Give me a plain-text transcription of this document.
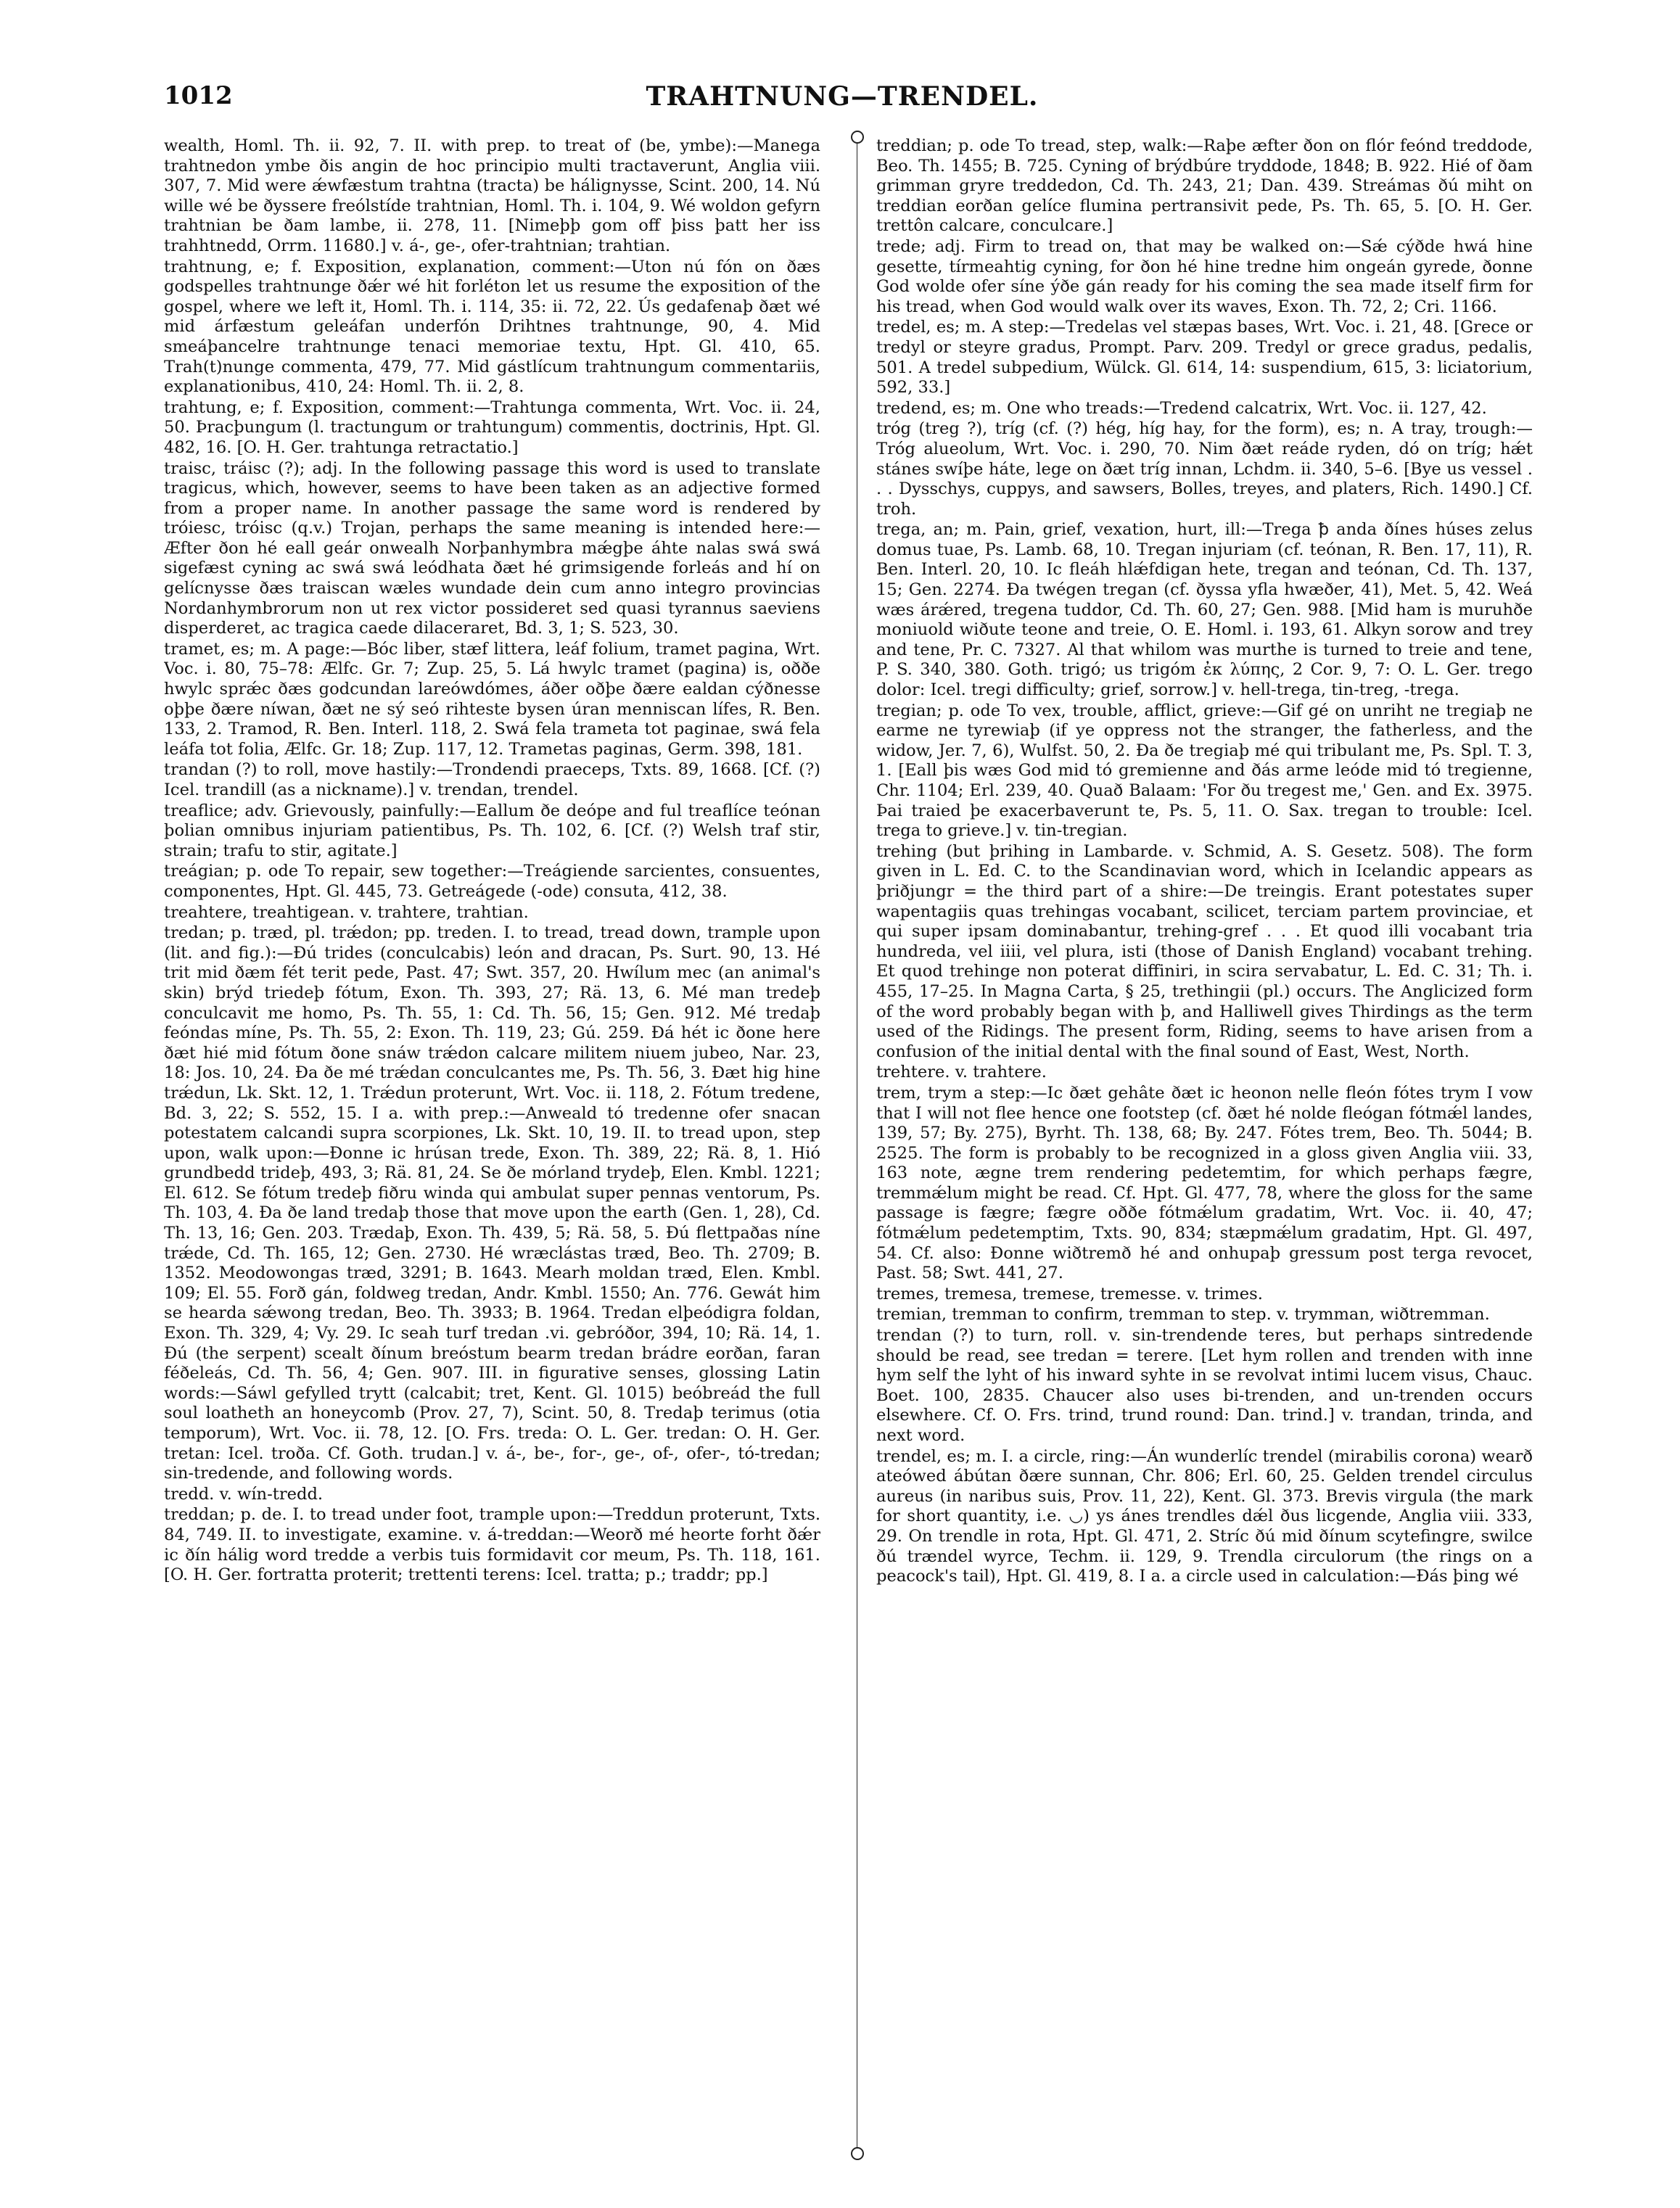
1012	TRAHTNUNG—TRENDEL.

wealth, Homl. Th. ii. 92, 7. II. with prep. to treat of (be, ymbe):—Manega trahtnedon ymbe ðis angin de hoc principio multi tractaverunt, Anglia viii. 307, 7. Mid were ǽwfæstum trahtna (tracta) be hálignysse, Scint. 200, 14. Nú wille wé be ðyssere freólstíde trahtnian, Homl. Th. i. 104, 9. Wé woldon gefyrn trahtnian be ðam lambe, ii. 278, 11. [Nimeþþ gom off þiss þatt her iss trahhtnedd, Orrm. 11680.] v. á-, ge-, ofer-trahtnian; trahtian.

trahtnung, e; f. Exposition, explanation, comment:—Uton nú fón on ðæs godspelles trahtnunge ðǽr wé hit forléton let us resume the exposition of the gospel, where we left it, Homl. Th. i. 114, 35: ii. 72, 22. Ús gedafenaþ ðæt wé mid árfæstum geleáfan underfón Drihtnes trahtnunge, 90, 4. Mid smeáþancelre trahtnunge tenaci memoriae textu, Hpt. Gl. 410, 65. Trah(t)nunge commenta, 479, 77. Mid gástlícum trahtnungum commentariis, explanationibus, 410, 24: Homl. Th. ii. 2, 8.

trahtung, e; f. Exposition, comment:—Trahtunga commenta, Wrt. Voc. ii. 24, 50. Þracþungum (l. tractungum or trahtungum) commentis, doctrinis, Hpt. Gl. 482, 16. [O. H. Ger. trahtunga retractatio.]

traisc, tráisc (?); adj. In the following passage this word is used to translate tragicus, which, however, seems to have been taken as an adjective formed from a proper name. In another passage the same word is rendered by tróiesc, tróisc (q.v.) Trojan, perhaps the same meaning is intended here:—Æfter ðon hé eall geár onwealh Norþanhymbra mǽgþe áhte nalas swá swá sigefæst cyning ac swá swá leódhata ðæt hé grimsigende forleás and hí on gelícnysse ðæs traiscan wæles wundade dein cum anno integro provincias Nordanhymbrorum non ut rex victor possideret sed quasi tyrannus saeviens disperderet, ac tragica caede dilaceraret, Bd. 3, 1; S. 523, 30.

tramet, es; m. A page:—Bóc liber, stæf littera, leáf folium, tramet pagina, Wrt. Voc. i. 80, 75–78: Ælfc. Gr. 7; Zup. 25, 5. Lá hwylc tramet (pagina) is, oððe hwylc sprǽc ðæs godcundan lareówdómes, áðer oðþe ðære ealdan cýðnesse oþþe ðære níwan, ðæt ne sý seó rihteste bysen úran menniscan lífes, R. Ben. 133, 2. Tramod, R. Ben. Interl. 118, 2. Swá fela trameta tot paginae, swá fela leáfa tot folia, Ælfc. Gr. 18; Zup. 117, 12. Trametas paginas, Germ. 398, 181.

trandan (?) to roll, move hastily:—Trondendi praeceps, Txts. 89, 1668. [Cf. (?) Icel. trandill (as a nickname).] v. trendan, trendel.

treaflice; adv. Grievously, painfully:—Eallum ðe deópe and ful treaflíce teónan þolian omnibus injuriam patientibus, Ps. Th. 102, 6. [Cf. (?) Welsh traf stir, strain; trafu to stir, agitate.]

treágian; p. ode To repair, sew together:—Treágiende sarcientes, consuentes, componentes, Hpt. Gl. 445, 73. Getreágede (-ode) consuta, 412, 38.

treahtere, treahtigean. v. trahtere, trahtian.

tredan; p. træd, pl. trǽdon; pp. treden. I. to tread, tread down, trample upon (lit. and fig.):—Ðú trides (conculcabis) león and dracan, Ps. Surt. 90, 13. Hé trit mid ðæm fét terit pede, Past. 47; Swt. 357, 20. Hwílum mec (an animal's skin) brýd triedeþ fótum, Exon. Th. 393, 27; Rä. 13, 6. Mé man tredeþ conculcavit me homo, Ps. Th. 55, 1: Cd. Th. 56, 15; Gen. 912. Mé tredaþ feóndas míne, Ps. Th. 55, 2: Exon. Th. 119, 23; Gú. 259. Ðá hét ic ðone here ðæt hié mid fótum ðone snáw trǽdon calcare militem niuem jubeo, Nar. 23, 18: Jos. 10, 24. Ða ðe mé trǽdan conculcantes me, Ps. Th. 56, 3. Ðæt hig hine trǽdun, Lk. Skt. 12, 1. Trǽdun proterunt, Wrt. Voc. ii. 118, 2. Fótum tredene, Bd. 3, 22; S. 552, 15. I a. with prep.:—Anweald tó tredenne ofer snacan potestatem calcandi supra scorpiones, Lk. Skt. 10, 19. II. to tread upon, step upon, walk upon:—Ðonne ic hrúsan trede, Exon. Th. 389, 22; Rä. 8, 1. Hió grundbedd trideþ, 493, 3; Rä. 81, 24. Se ðe mórland trydeþ, Elen. Kmbl. 1221; El. 612. Se fótum tredeþ fiðru winda qui ambulat super pennas ventorum, Ps. Th. 103, 4. Ða ðe land tredaþ those that move upon the earth (Gen. 1, 28), Cd. Th. 13, 16; Gen. 203. Trædaþ, Exon. Th. 439, 5; Rä. 58, 5. Ðú flettpaðas níne trǽde, Cd. Th. 165, 12; Gen. 2730. Hé wræclástas træd, Beo. Th. 2709; B. 1352. Meodowongas træd, 3291; B. 1643. Mearh moldan træd, Elen. Kmbl. 109; El. 55. Forð gán, foldweg tredan, Andr. Kmbl. 1550; An. 776. Gewát him se hearda sǽwong tredan, Beo. Th. 3933; B. 1964. Tredan elþeódigra foldan, Exon. Th. 329, 4; Vy. 29. Ic seah turf tredan .vi. gebróðor, 394, 10; Rä. 14, 1. Ðú (the serpent) scealt ðínum breóstum bearm tredan brádre eorðan, faran féðeleás, Cd. Th. 56, 4; Gen. 907. III. in figurative senses, glossing Latin words:—Sáwl gefylled trytt (calcabit; tret, Kent. Gl. 1015) beóbreád the full soul loatheth an honeycomb (Prov. 27, 7), Scint. 50, 8. Tredaþ terimus (otia temporum), Wrt. Voc. ii. 78, 12. [O. Frs. treda: O. L. Ger. tredan: O. H. Ger. tretan: Icel. troða. Cf. Goth. trudan.] v. á-, be-, for-, ge-, of-, ofer-, tó-tredan; sin-tredende, and following words.

tredd. v. wín-tredd.

treddan; p. de. I. to tread under foot, trample upon:—Treddun proterunt, Txts. 84, 749. II. to investigate, examine. v. á-treddan:—Weorð mé heorte forht ðǽr ic ðín hálig word tredde a verbis tuis formidavit cor meum, Ps. Th. 118, 161. [O. H. Ger. fortratta proterit; trettenti terens: Icel. tratta; p.; traddr; pp.]

treddian; p. ode To tread, step, walk:—Raþe æfter ðon on flór feónd treddode, Beo. Th. 1455; B. 725. Cyning of brýdbúre tryddode, 1848; B. 922. Hié of ðam grimman gryre treddedon, Cd. Th. 243, 21; Dan. 439. Streámas ðú miht on treddian eorðan gelíce flumina pertransivit pede, Ps. Th. 65, 5. [O. H. Ger. trettôn calcare, conculcare.]

trede; adj. Firm to tread on, that may be walked on:—Sǽ cýðde hwá hine gesette, tírmeahtig cyning, for ðon hé hine tredne him ongeán gyrede, ðonne God wolde ofer síne ýðe gán ready for his coming the sea made itself firm for his tread, when God would walk over its waves, Exon. Th. 72, 2; Cri. 1166.

tredel, es; m. A step:—Tredelas vel stæpas bases, Wrt. Voc. i. 21, 48. [Grece or tredyl or steyre gradus, Prompt. Parv. 209. Tredyl or grece gradus, pedalis, 501. A tredel subpedium, Wülck. Gl. 614, 14: suspendium, 615, 3: liciatorium, 592, 33.]

tredend, es; m. One who treads:—Tredend calcatrix, Wrt. Voc. ii. 127, 42.

tróg (treg ?), tríg (cf. (?) hég, híg hay, for the form), es; n. A tray, trough:—Tróg alueolum, Wrt. Voc. i. 290, 70. Nim ðæt reáde ryden, dó on tríg; hǽt stánes swíþe háte, lege on ðæt tríg innan, Lchdm. ii. 340, 5–6. [Bye us vessel . . . Dysschys, cuppys, and sawsers, Bolles, treyes, and platers, Rich. 1490.] Cf. troh.

trega, an; m. Pain, grief, vexation, hurt, ill:—Trega ꝥ anda ðínes húses zelus domus tuae, Ps. Lamb. 68, 10. Tregan injuriam (cf. teónan, R. Ben. 17, 11), R. Ben. Interl. 20, 10. Ic fleáh hlǽfdigan hete, tregan and teónan, Cd. Th. 137, 15; Gen. 2274. Ða twégen tregan (cf. ðyssa yfla hwæðer, 41), Met. 5, 42. Weá wæs árǽred, tregena tuddor, Cd. Th. 60, 27; Gen. 988. [Mid ham is muruhðe moniuold wiðute teone and treie, O. E. Homl. i. 193, 61. Alkyn sorow and trey and tene, Pr. C. 7327. Al that whilom was murthe is turned to treie and tene, P. S. 340, 380. Goth. trigó; us trigóm ἐκ λύπης, 2 Cor. 9, 7: O. L. Ger. trego dolor: Icel. tregi difficulty; grief, sorrow.] v. hell-trega, tin-treg, -trega.

tregian; p. ode To vex, trouble, afflict, grieve:—Gif gé on unriht ne tregiaþ ne earme ne tyrewiaþ (if ye oppress not the stranger, the fatherless, and the widow, Jer. 7, 6), Wulfst. 50, 2. Ða ðe tregiaþ mé qui tribulant me, Ps. Spl. T. 3, 1. [Eall þis wæs God mid tó gremienne and ðás arme leóde mid tó tregienne, Chr. 1104; Erl. 239, 40. Quað Balaam: 'For ðu tregest me,' Gen. and Ex. 3975. Þai traied þe exacerbaverunt te, Ps. 5, 11. O. Sax. tregan to trouble: Icel. trega to grieve.] v. tin-tregian.

trehing (but þrihing in Lambarde. v. Schmid, A. S. Gesetz. 508). The form given in L. Ed. C. to the Scandinavian word, which in Icelandic appears as þriðjungr = the third part of a shire:—De treingis. Erant potestates super wapentagiis quas trehingas vocabant, scilicet, terciam partem provinciae, et qui super ipsam dominabantur, trehing-gref . . . Et quod illi vocabant tria hundreda, vel iiii, vel plura, isti (those of Danish England) vocabant trehing. Et quod trehinge non poterat diffiniri, in scira servabatur, L. Ed. C. 31; Th. i. 455, 17–25. In Magna Carta, § 25, trethingii (pl.) occurs. The Anglicized form of the word probably began with þ, and Halliwell gives Thirdings as the term used of the Ridings. The present form, Riding, seems to have arisen from a confusion of the initial dental with the final sound of East, West, North.

trehtere. v. trahtere.

trem, trym a step:—Ic ðæt gehâte ðæt ic heonon nelle fleón fótes trym I vow that I will not flee hence one footstep (cf. ðæt hé nolde fleógan fótmǽl landes, 139, 57; By. 275), Byrht. Th. 138, 68; By. 247. Fótes trem, Beo. Th. 5044; B. 2525. The form is probably to be recognized in a gloss given Anglia viii. 33, 163 note, ægne trem rendering pedetemtim, for which perhaps fægre, tremmǽlum might be read. Cf. Hpt. Gl. 477, 78, where the gloss for the same passage is fægre; fægre oððe fótmǽlum gradatim, Wrt. Voc. ii. 40, 47; fótmǽlum pedetemptim, Txts. 90, 834; stæpmǽlum gradatim, Hpt. Gl. 497, 54. Cf. also: Ðonne wiðtremð hé and onhupaþ gressum post terga revocet, Past. 58; Swt. 441, 27.

tremes, tremesa, tremese, tremesse. v. trimes.

tremian, tremman to confirm, tremman to step. v. trymman, wiðtremman.

trendan (?) to turn, roll. v. sin-trendende teres, but perhaps sintredende should be read, see tredan = terere. [Let hym rollen and trenden with inne hym self the lyht of his inward syhte in se revolvat intimi lucem visus, Chauc. Boet. 100, 2835. Chaucer also uses bi-trenden, and un-trenden occurs elsewhere. Cf. O. Frs. trind, trund round: Dan. trind.] v. trandan, trinda, and next word.

trendel, es; m. I. a circle, ring:—Án wunderlíc trendel (mirabilis corona) wearð ateówed ábútan ðære sunnan, Chr. 806; Erl. 60, 25. Gelden trendel circulus aureus (in naribus suis, Prov. 11, 22), Kent. Gl. 373. Brevis virgula (the mark for short quantity, i.e. ◡) ys ánes trendles dǽl ðus licgende, Anglia viii. 333, 29. On trendle in rota, Hpt. Gl. 471, 2. Stríc ðú mid ðínum scytefingre, swilce ðú trændel wyrce, Techm. ii. 129, 9. Trendla circulorum (the rings on a peacock's tail), Hpt. Gl. 419, 8. I a. a circle used in calculation:—Ðás þing wé
